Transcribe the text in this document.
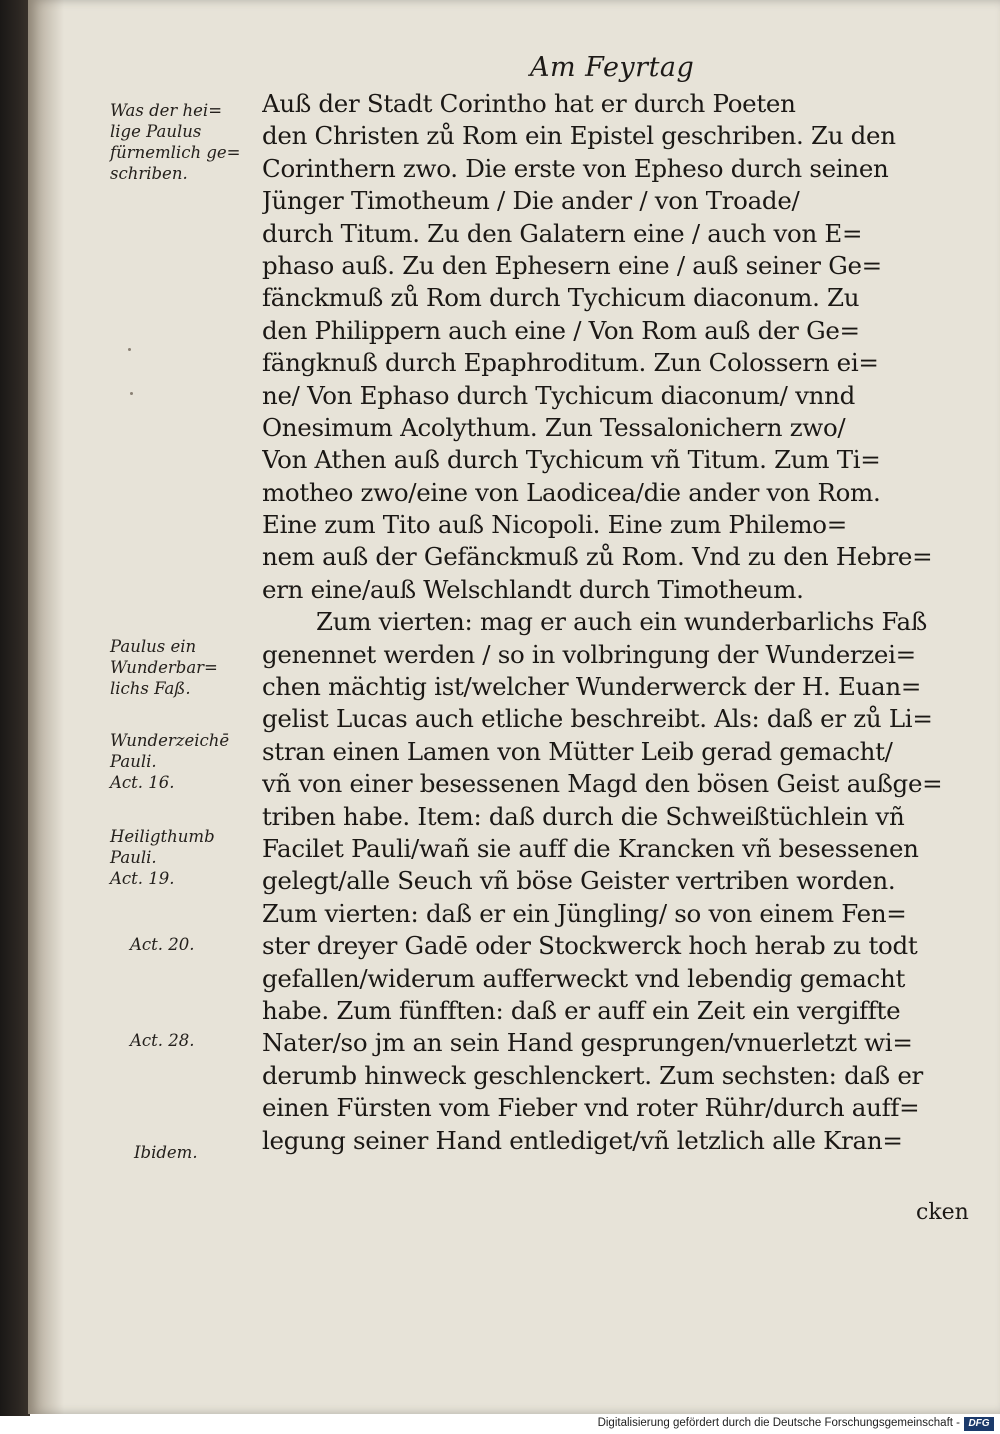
Am Feyrtag
Auß der Stadt Corintho hat er durch Poeten
den Christen zů Rom ein Epistel geschriben. Zu den
Corinthern zwo. Die erste von Epheso durch seinen
Jünger Timotheum / Die ander / von Troade/
durch Titum. Zu den Galatern eine / auch von E=
phaso auß. Zu den Ephesern eine / auß seiner Ge=
fänckmuß zů Rom durch Tychicum diaconum. Zu
den Philippern auch eine / Von Rom auß der Ge=
fängknuß durch Epaphroditum. Zun Colossern ei=
ne/ Von Ephaso durch Tychicum diaconum/ vnnd
Onesimum Acolythum. Zun Tessalonichern zwo/
Von Athen auß durch Tychicum vñ Titum. Zum Ti=
motheo zwo/eine von Laodicea/die ander von Rom.
Eine zum Tito auß Nicopoli. Eine zum Philemo=
nem auß der Gefänckmuß zů Rom. Vnd zu den Hebre=
ern eine/auß Welschlandt durch Timotheum.
Zum vierten: mag er auch ein wunderbarlichs Faß
genennet werden / so in volbringung der Wunderzei=
chen mächtig ist/welcher Wunderwerck der H. Euan=
gelist Lucas auch etliche beschreibt. Als: daß er zů Li=
stran einen Lamen von Mütter Leib gerad gemacht/
vñ von einer besessenen Magd den bösen Geist außge=
triben habe. Item: daß durch die Schweißtüchlein vñ
Facilet Pauli/wañ sie auff die Krancken vñ besessenen
gelegt/alle Seuch vñ böse Geister vertriben worden.
Zum vierten: daß er ein Jüngling/ so von einem Fen=
ster dreyer Gadē oder Stockwerck hoch herab zu todt
gefallen/widerum aufferweckt vnd lebendig gemacht
habe. Zum fünfften: daß er auff ein Zeit ein vergiffte
Nater/so jm an sein Hand gesprungen/vnuerletzt wi=
derumb hinweck geschlenckert. Zum sechsten: daß er
einen Fürsten vom Fieber vnd roter Rühr/durch auff=
legung seiner Hand entlediget/vñ letzlich alle Kran=
cken
Was der hei=
lige Paulus
fürnemlich ge=
schriben.
Paulus ein
Wunderbar=
lichs Faß.
Wunderzeichē
Pauli.
Act. 16.
Heiligthumb
Pauli.
Act. 19.
Act. 20.
Act. 28.
Ibidem.
Digitalisierung gefördert durch die Deutsche Forschungsgemeinschaft - DFG
